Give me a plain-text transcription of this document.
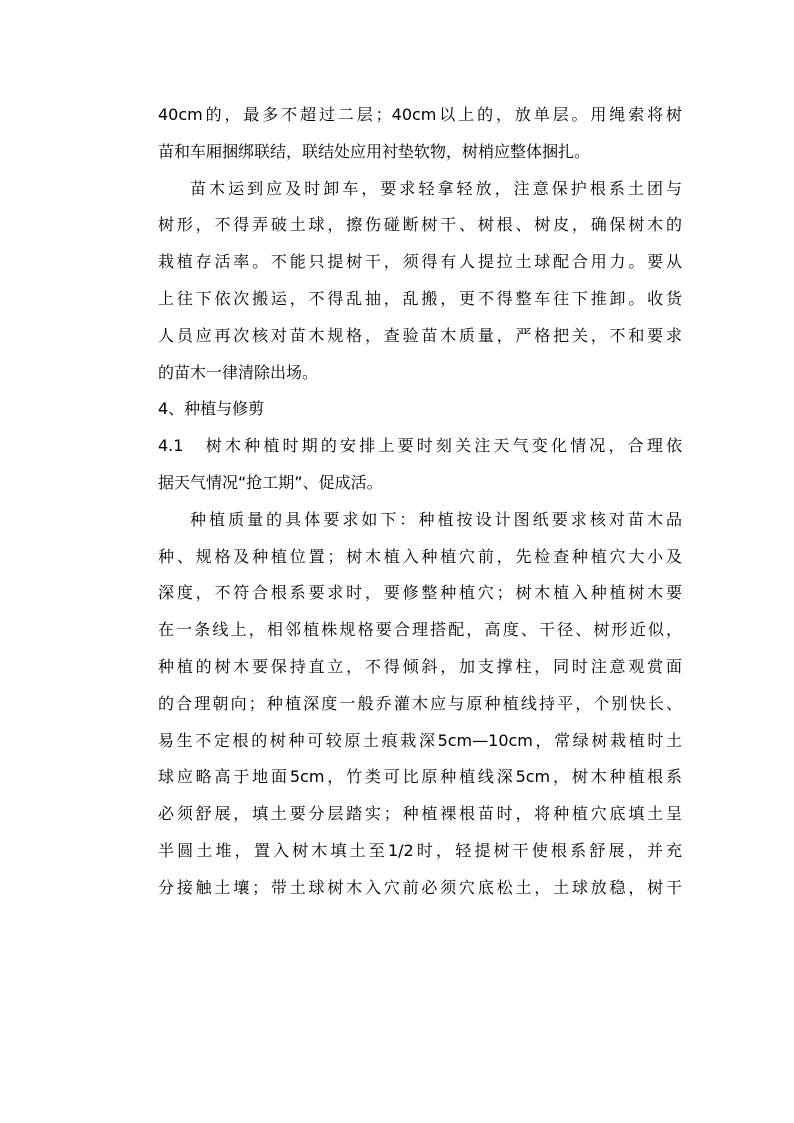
40cm的，最多不超过二层；40cm以上的，放单层。用绳索将树
苗和车厢捆绑联结，联结处应用衬垫软物，树梢应整体捆扎。
苗木运到应及时卸车，要求轻拿轻放，注意保护根系土团与
树形，不得弄破土球，擦伤碰断树干、树根、树皮，确保树木的
栽植存活率。不能只提树干，须得有人提拉土球配合用力。要从
上往下依次搬运，不得乱抽，乱搬，更不得整车往下推卸。收货
人员应再次核对苗木规格，查验苗木质量，严格把关，不和要求
的苗木一律清除出场。
4、种植与修剪
4.1　树木种植时期的安排上要时刻关注天气变化情况，合理依
据天气情况“抢工期”、促成活。
种植质量的具体要求如下：种植按设计图纸要求核对苗木品
种、规格及种植位置；树木植入种植穴前，先检查种植穴大小及
深度，不符合根系要求时，要修整种植穴；树木植入种植树木要
在一条线上，相邻植株规格要合理搭配，高度、干径、树形近似，
种植的树木要保持直立，不得倾斜，加支撑柱，同时注意观赏面
的合理朝向；种植深度一般乔灌木应与原种植线持平，个别快长、
易生不定根的树种可较原土痕栽深5cm—10cm，常绿树栽植时土
球应略高于地面5cm，竹类可比原种植线深5cm，树木种植根系
必须舒展，填土要分层踏实；种植裸根苗时，将种植穴底填土呈
半圆土堆，置入树木填土至1/2时，轻提树干使根系舒展，并充
分接触土壤；带土球树木入穴前必须穴底松土，土球放稳，树干
